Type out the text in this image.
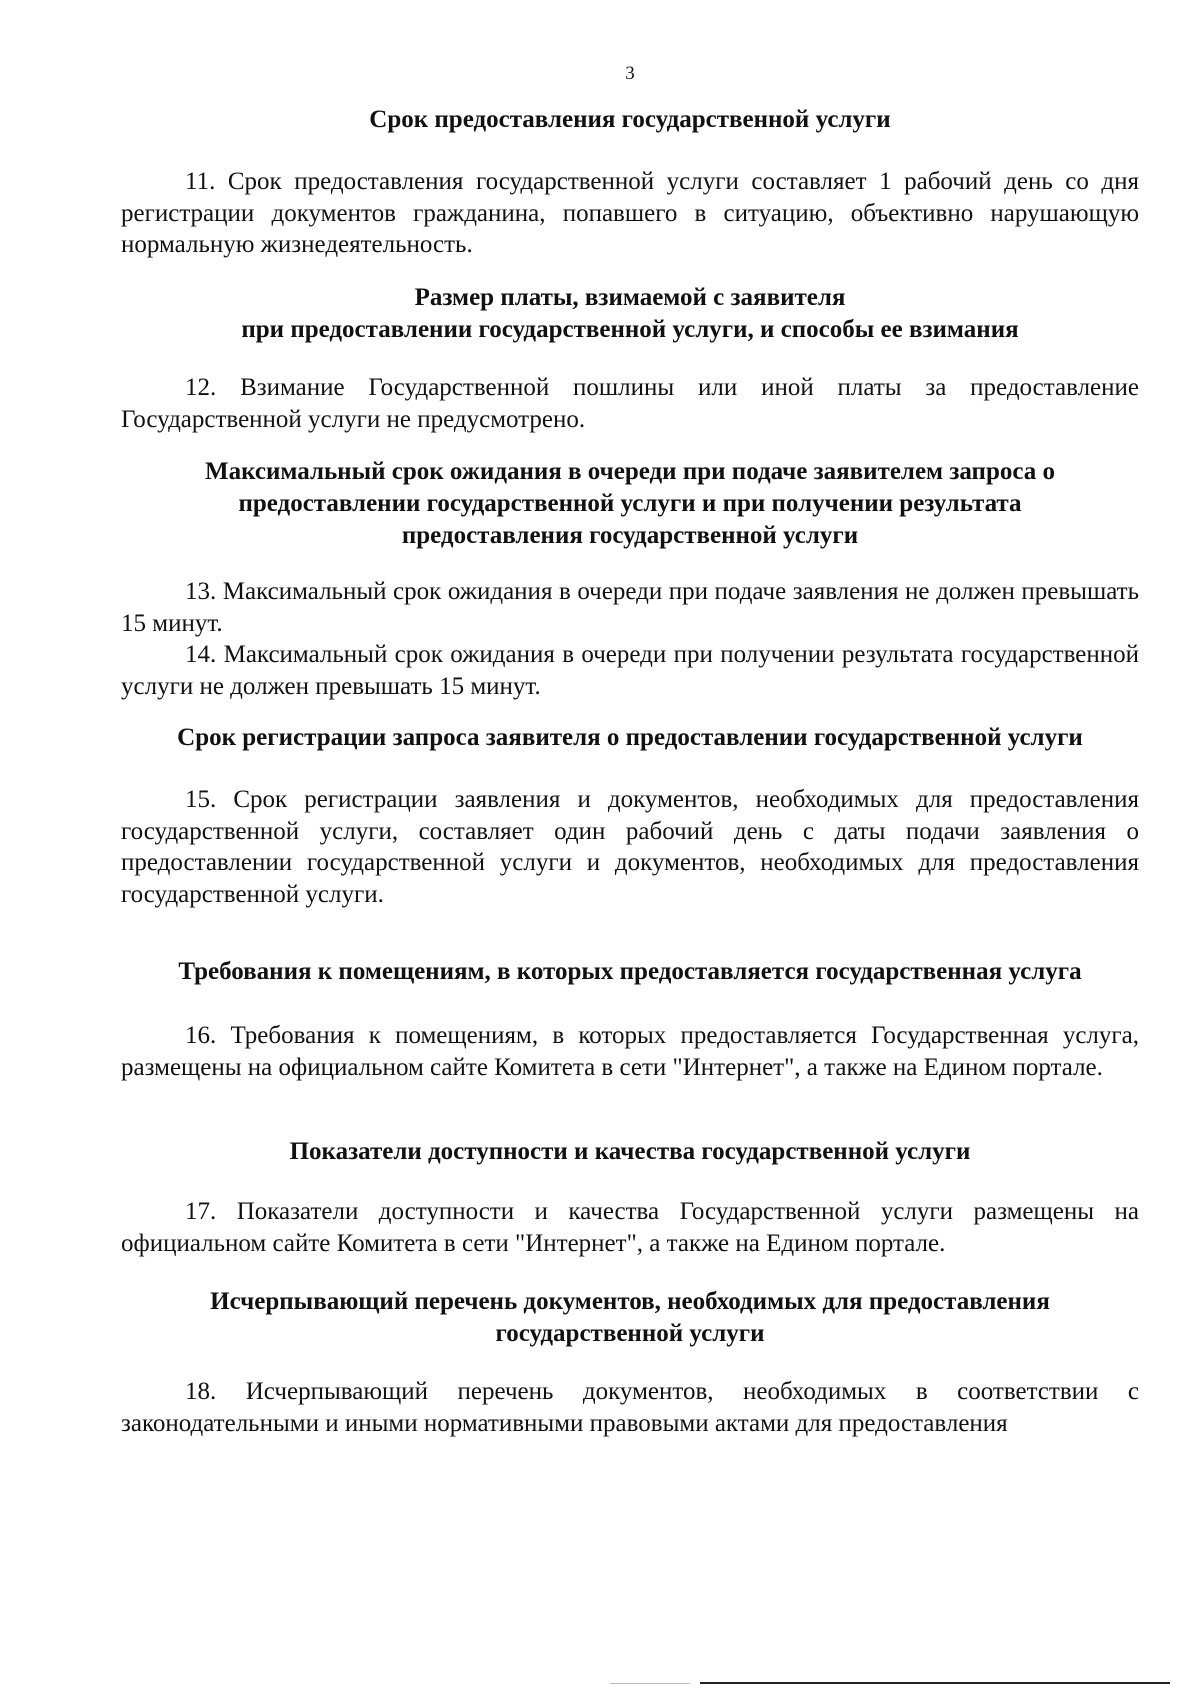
3
Срок предоставления государственной услуги

11. Срок предоставления государственной услуги составляет 1 рабочий день со дня регистрации документов гражданина, попавшего в ситуацию, объективно нарушающую нормальную жизнедеятельность.

Размер платы, взимаемой с заявителя
при предоставлении государственной услуги, и способы ее взимания

12. Взимание Государственной пошлины или иной платы за предоставление Государственной услуги не предусмотрено.

Максимальный срок ожидания в очереди при подаче заявителем запроса о
предоставлении государственной услуги и при получении результата
предоставления государственной услуги

13. Максимальный срок ожидания в очереди при подаче заявления не должен превышать 15 минут.

14. Максимальный срок ожидания в очереди при получении результата государственной услуги не должен превышать 15 минут.

Срок регистрации запроса заявителя о предоставлении государственной услуги

15. Срок регистрации заявления и документов, необходимых для предоставления государственной услуги, составляет один рабочий день с даты подачи заявления о предоставлении государственной услуги и документов, необходимых для предоставления государственной услуги.

Требования к помещениям, в которых предоставляется государственная услуга

16. Требования к помещениям, в которых предоставляется Государственная услуга, размещены на официальном сайте Комитета в сети "Интернет", а также на Едином портале.

Показатели доступности и качества государственной услуги

17. Показатели доступности и качества Государственной услуги размещены на официальном сайте Комитета в сети "Интернет", а также на Едином портале.

Исчерпывающий перечень документов, необходимых для предоставления
государственной услуги

18. Исчерпывающий перечень документов, необходимых в соответствии с законодательными и иными нормативными правовыми актами для предоставления
